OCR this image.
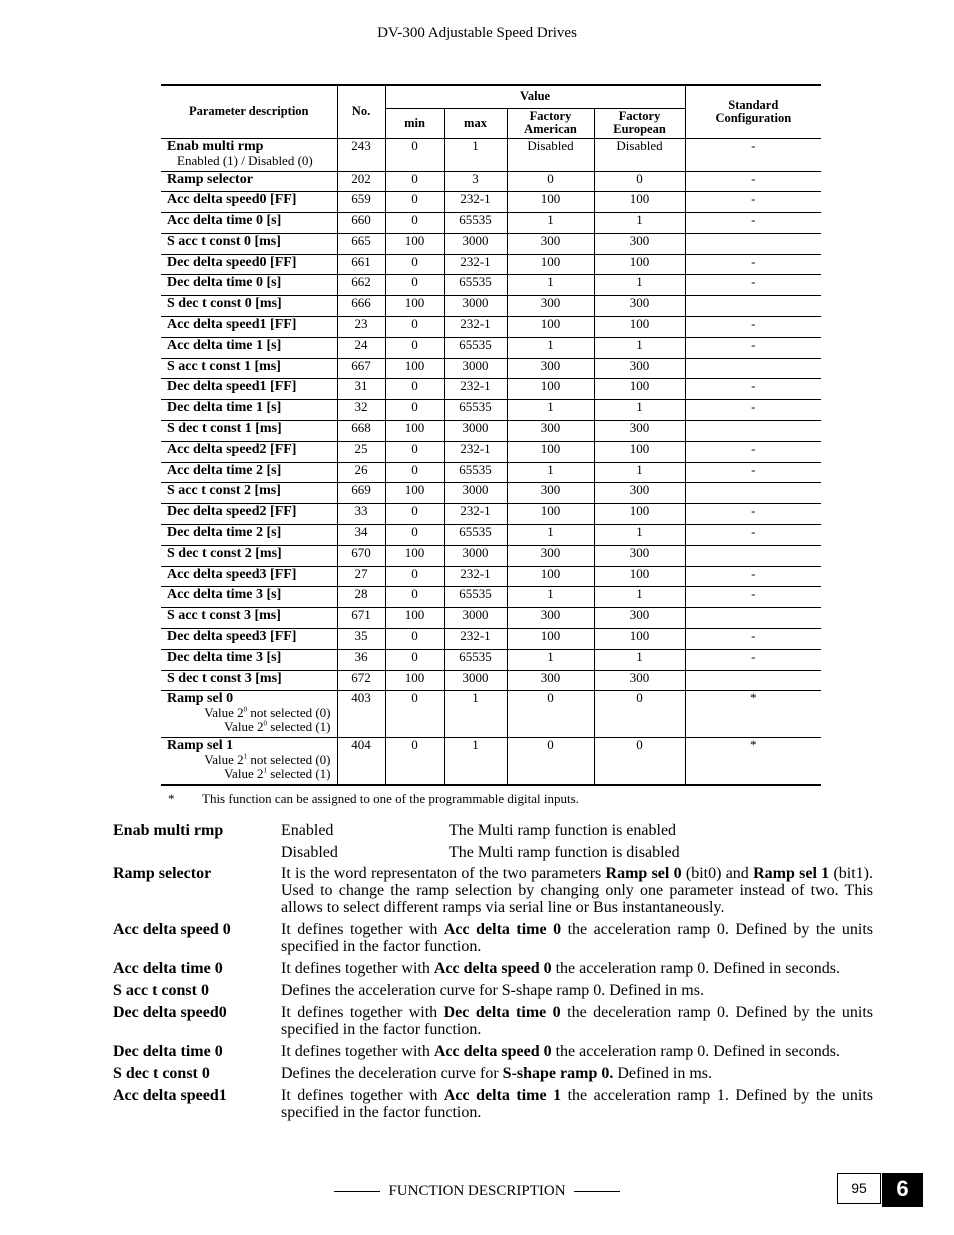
DV-300 Adjustable Speed Drives
Parameter description	No.	Value				Standard Configuration
		min	max	Factory American	Factory European	
Enab multi rmp
Enabled (1) / Disabled (0)	243	0	1	Disabled	Disabled	-
Ramp selector	202	0	3	0	0	-
Acc delta speed0 [FF]	659	0	232-1	100	100	-
Acc delta time 0 [s]	660	0	65535	1	1	-
S acc t const 0 [ms]	665	100	3000	300	300	
Dec delta speed0 [FF]	661	0	232-1	100	100	-
Dec delta time 0 [s]	662	0	65535	1	1	-
S dec t const 0 [ms]	666	100	3000	300	300	
Acc delta speed1 [FF]	23	0	232-1	100	100	-
Acc delta time 1 [s]	24	0	65535	1	1	-
S acc t const 1 [ms]	667	100	3000	300	300	
Dec delta speed1 [FF]	31	0	232-1	100	100	-
Dec delta time 1 [s]	32	0	65535	1	1	-
S dec t const 1 [ms]	668	100	3000	300	300	
Acc delta speed2 [FF]	25	0	232-1	100	100	-
Acc delta time 2 [s]	26	0	65535	1	1	-
S acc t const 2 [ms]	669	100	3000	300	300	
Dec delta speed2 [FF]	33	0	232-1	100	100	-
Dec delta time 2 [s]	34	0	65535	1	1	-
S dec t const 2 [ms]	670	100	3000	300	300	
Acc delta speed3 [FF]	27	0	232-1	100	100	-
Acc delta time 3 [s]	28	0	65535	1	1	-
S acc t const 3 [ms]	671	100	3000	300	300	
Dec delta speed3 [FF]	35	0	232-1	100	100	-
Dec delta time 3 [s]	36	0	65535	1	1	-
S dec t const 3 [ms]	672	100	3000	300	300	
Ramp sel 0
Value $2^0$ not selected (0)
Value $2^0$ selected (1)	403	0	1	0	0	*
Ramp sel 1
Value $2^1$ not selected (0)
Value $2^1$ selected (1)	404	0	1	0	0	*
* This function can be assigned to one of the programmable digital inputs.
Enab multi rmp	Enabled	The Multi ramp function is enabled
Disabled	The Multi ramp function is disabled
Ramp selector	It is the word representaton of the two parameters Ramp sel 0 (bit0) and Ramp sel 1 (bit1). Used to change the ramp selection by changing only one parameter instead of two. This allows to select different ramps via serial line or Bus instantaneously.
Acc delta speed 0	It defines together with Acc delta time 0 the acceleration ramp 0. Defined by the units specified in the factor function.
Acc delta time 0	It defines together with Acc delta speed 0 the acceleration ramp 0. Defined in seconds.
S acc t const 0	Defines the acceleration curve for S-shape ramp 0. Defined in ms.
Dec delta speed0	It defines together with Dec delta time 0 the deceleration ramp 0. Defined by the units specified in the factor function.
Dec delta time 0	It defines together with Acc delta speed 0 the acceleration ramp 0. Defined in seconds.
S dec t const 0	Defines the deceleration curve for S-shape ramp 0. Defined in ms.
Acc delta speed1	It defines together with Acc delta time 1 the acceleration ramp 1. Defined by the units specified in the factor function.
FUNCTION DESCRIPTION	95	6
